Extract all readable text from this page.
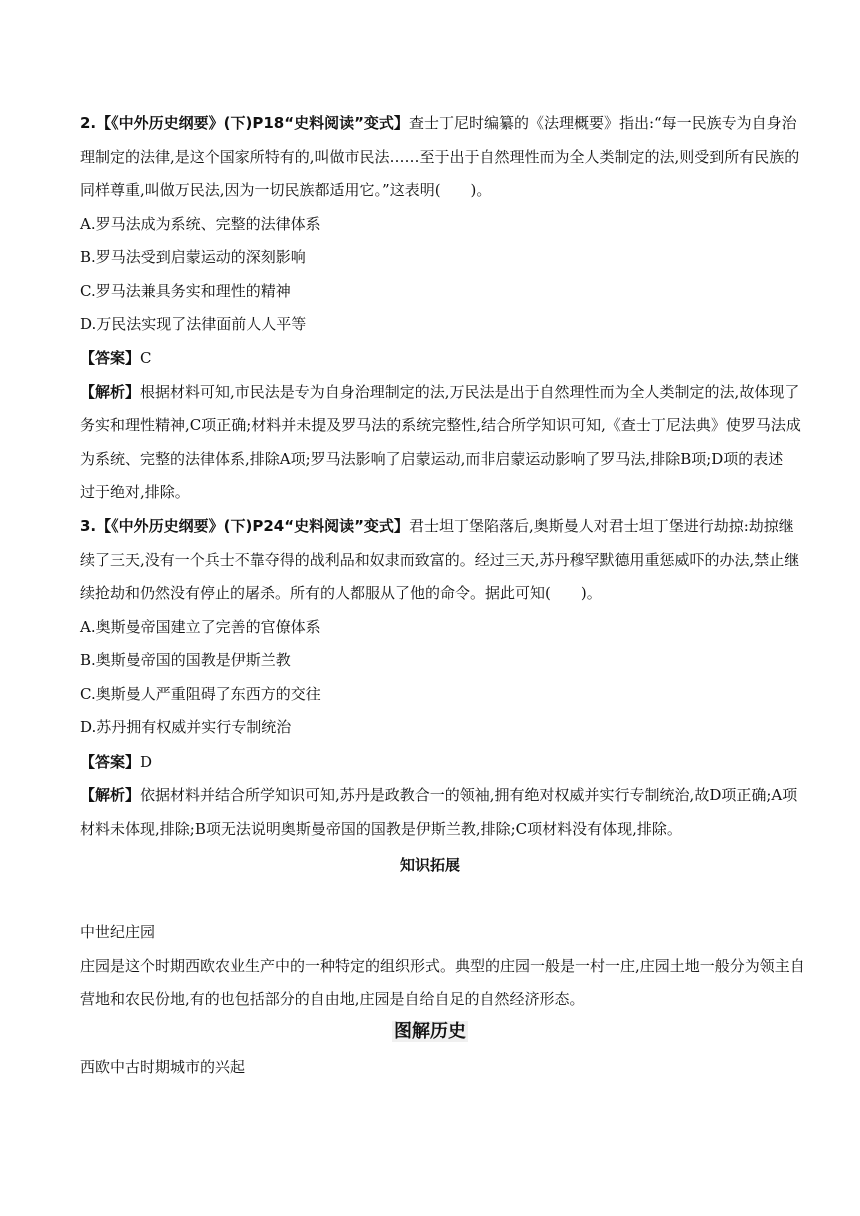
2.【《中外历史纲要》(下)P18“史料阅读”变式】查士丁尼时编纂的《法理概要》指出:“每一民族专为自身治
理制定的法律,是这个国家所特有的,叫做市民法……至于出于自然理性而为全人类制定的法,则受到所有民族的
同样尊重,叫做万民法,因为一切民族都适用它。”这表明(　　)。
A.罗马法成为系统、完整的法律体系
B.罗马法受到启蒙运动的深刻影响
C.罗马法兼具务实和理性的精神
D.万民法实现了法律面前人人平等
【答案】C
【解析】根据材料可知,市民法是专为自身治理制定的法,万民法是出于自然理性而为全人类制定的法,故体现了
务实和理性精神,C项正确;材料并未提及罗马法的系统完整性,结合所学知识可知,《查士丁尼法典》使罗马法成
为系统、完整的法律体系,排除A项;罗马法影响了启蒙运动,而非启蒙运动影响了罗马法,排除B项;D项的表述
过于绝对,排除。
3.【《中外历史纲要》(下)P24“史料阅读”变式】君士坦丁堡陷落后,奥斯曼人对君士坦丁堡进行劫掠:劫掠继
续了三天,没有一个兵士不靠夺得的战利品和奴隶而致富的。经过三天,苏丹穆罕默德用重惩威吓的办法,禁止继
续抢劫和仍然没有停止的屠杀。所有的人都服从了他的命令。据此可知(　　)。
A.奥斯曼帝国建立了完善的官僚体系
B.奥斯曼帝国的国教是伊斯兰教
C.奥斯曼人严重阻碍了东西方的交往
D.苏丹拥有权威并实行专制统治
【答案】D
【解析】依据材料并结合所学知识可知,苏丹是政教合一的领袖,拥有绝对权威并实行专制统治,故D项正确;A项
材料未体现,排除;B项无法说明奥斯曼帝国的国教是伊斯兰教,排除;C项材料没有体现,排除。
知识拓展
中世纪庄园
庄园是这个时期西欧农业生产中的一种特定的组织形式。典型的庄园一般是一村一庄,庄园土地一般分为领主自
营地和农民份地,有的也包括部分的自由地,庄园是自给自足的自然经济形态。
图解历史
西欧中古时期城市的兴起
